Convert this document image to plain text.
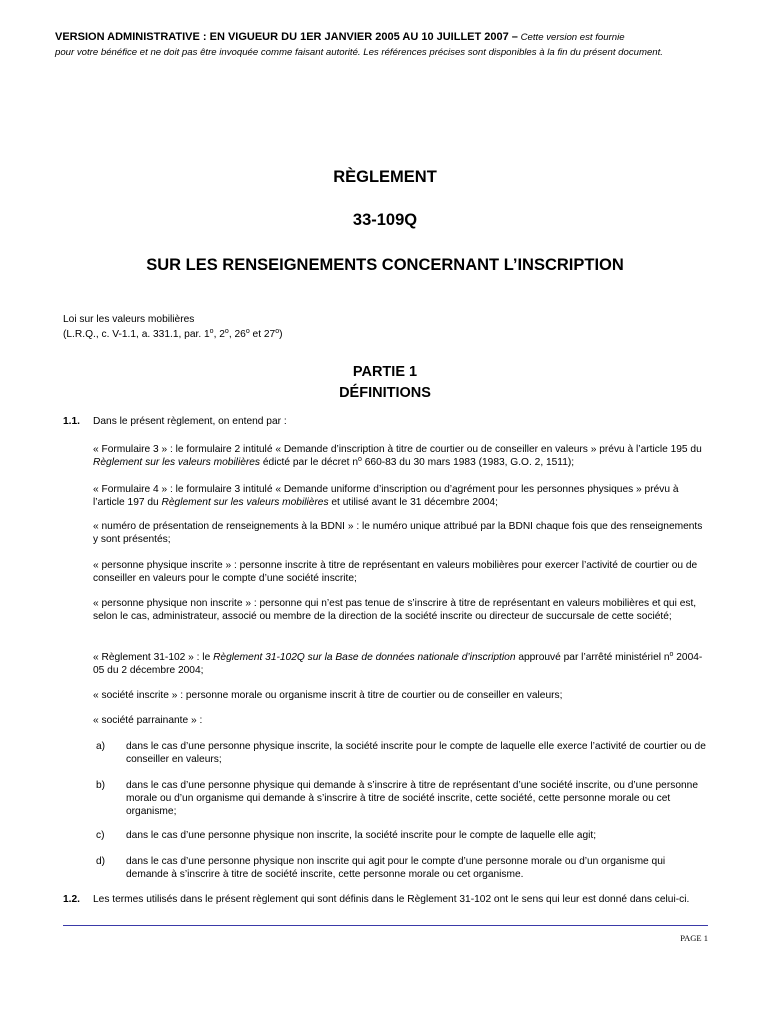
VERSION ADMINISTRATIVE : EN VIGUEUR DU 1ER JANVIER 2005 AU 10 JUILLET 2007 – Cette version est fournie
pour votre bénéfice et ne doit pas être invoquée comme faisant autorité. Les références précises sont disponibles à la fin du présent document.
RÈGLEMENT
33-109Q
SUR LES RENSEIGNEMENTS CONCERNANT L’INSCRIPTION
Loi sur les valeurs mobilières
(L.R.Q., c. V-1.1, a. 331.1, par. 1$^o$, 2$^o$, 26$^o$ et 27$^o$)
PARTIE 1
DÉFINITIONS
1.1. Dans le présent règlement, on entend par :
« Formulaire 3 » : le formulaire 2 intitulé « Demande d’inscription à titre de courtier ou de conseiller en valeurs » prévu à l’article 195 du Règlement sur les valeurs mobilières édicté par le décret $n^o$ 660-83 du 30 mars 1983 (1983, G.O. 2, 1511);
« Formulaire 4 » : le formulaire 3 intitulé « Demande uniforme d’inscription ou d’agrément pour les personnes physiques » prévu à l’article 197 du Règlement sur les valeurs mobilières et utilisé avant le 31 décembre 2004;
« numéro de présentation de renseignements à la BDNI » : le numéro unique attribué par la BDNI chaque fois que des renseignements y sont présentés;
« personne physique inscrite » : personne inscrite à titre de représentant en valeurs mobilières pour exercer l’activité de courtier ou de conseiller en valeurs pour le compte d’une société inscrite;
« personne physique non inscrite » : personne qui n’est pas tenue de s’inscrire à titre de représentant en valeurs mobilières et qui est, selon le cas, administrateur, associé ou membre de la direction de la société inscrite ou directeur de succursale de cette société;
« Règlement 31-102 » : le Règlement 31-102Q sur la Base de données nationale d’inscription approuvé par l’arrêté ministériel $n^o$ 2004-05 du 2 décembre 2004;
« société inscrite » : personne morale ou organisme inscrit à titre de courtier ou de conseiller en valeurs;
« société parrainante » :
a) dans le cas d’une personne physique inscrite, la société inscrite pour le compte de laquelle elle exerce l’activité de courtier ou de conseiller en valeurs;
b) dans le cas d’une personne physique qui demande à s’inscrire à titre de représentant d’une société inscrite, ou d’une personne morale ou d’un organisme qui demande à s’inscrire à titre de société inscrite, cette société, cette personne morale ou cet organisme;
c) dans le cas d’une personne physique non inscrite, la société inscrite pour le compte de laquelle elle agit;
d) dans le cas d’une personne physique non inscrite qui agit pour le compte d’une personne morale ou d’un organisme qui demande à s’inscrire à titre de société inscrite, cette personne morale ou cet organisme.
1.2. Les termes utilisés dans le présent règlement qui sont définis dans le Règlement 31-102 ont le sens qui leur est donné dans celui-ci.
PAGE 1
